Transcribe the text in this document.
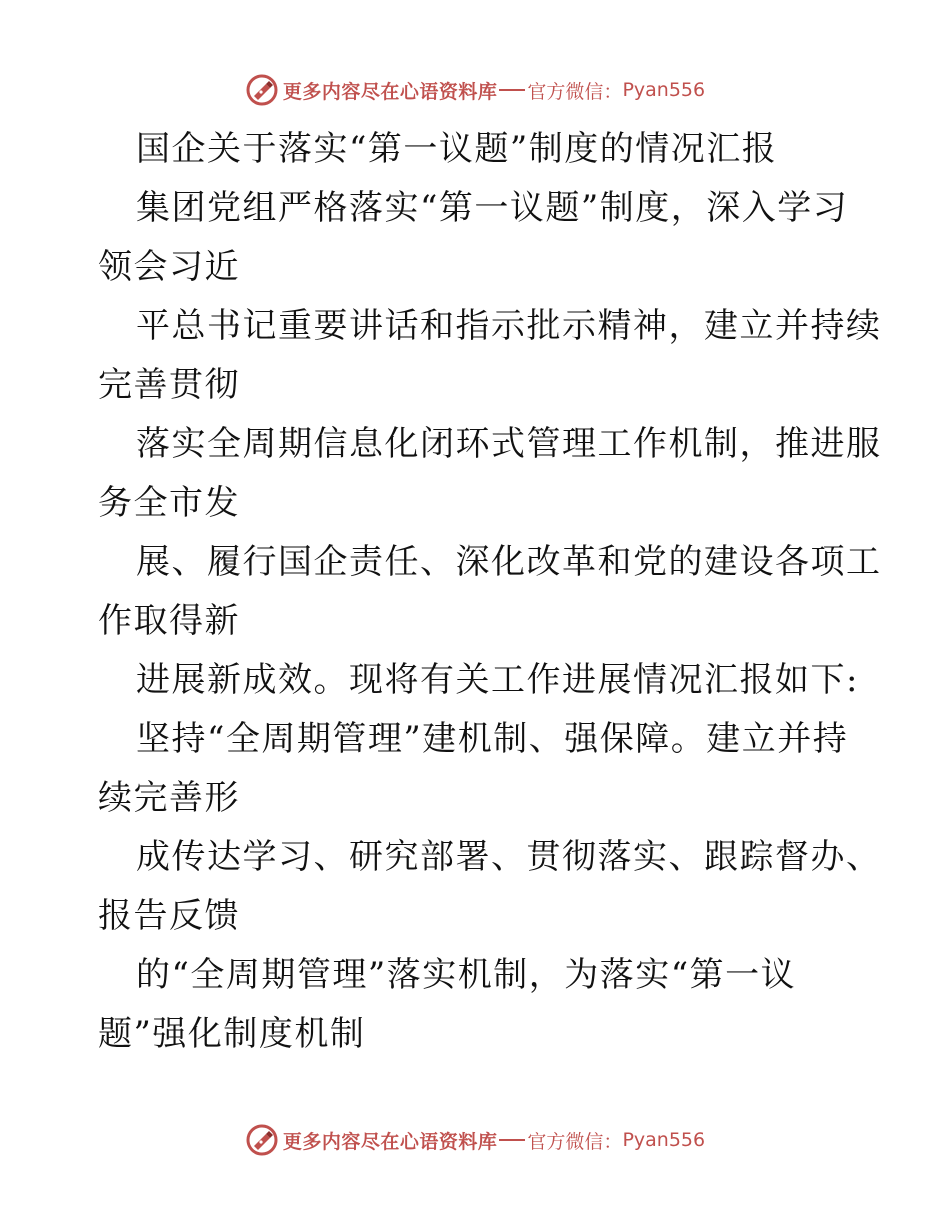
更多内容尽在心语资料库 官方微信： Pyan556
国企关于落实“第一议题”制度的情况汇报
集团党组严格落实“第一议题”制度，深入学习
领会习近
平总书记重要讲话和指示批示精神，建立并持续
完善贯彻
落实全周期信息化闭环式管理工作机制，推进服
务全市发
展、履行国企责任、深化改革和党的建设各项工
作取得新
进展新成效。现将有关工作进展情况汇报如下:
坚持“全周期管理”建机制、强保障。建立并持
续完善形
成传达学习、研究部署、贯彻落实、跟踪督办、
报告反馈
的“全周期管理”落实机制，为落实“第一议
题”强化制度机制
更多内容尽在心语资料库 官方微信： Pyan556
